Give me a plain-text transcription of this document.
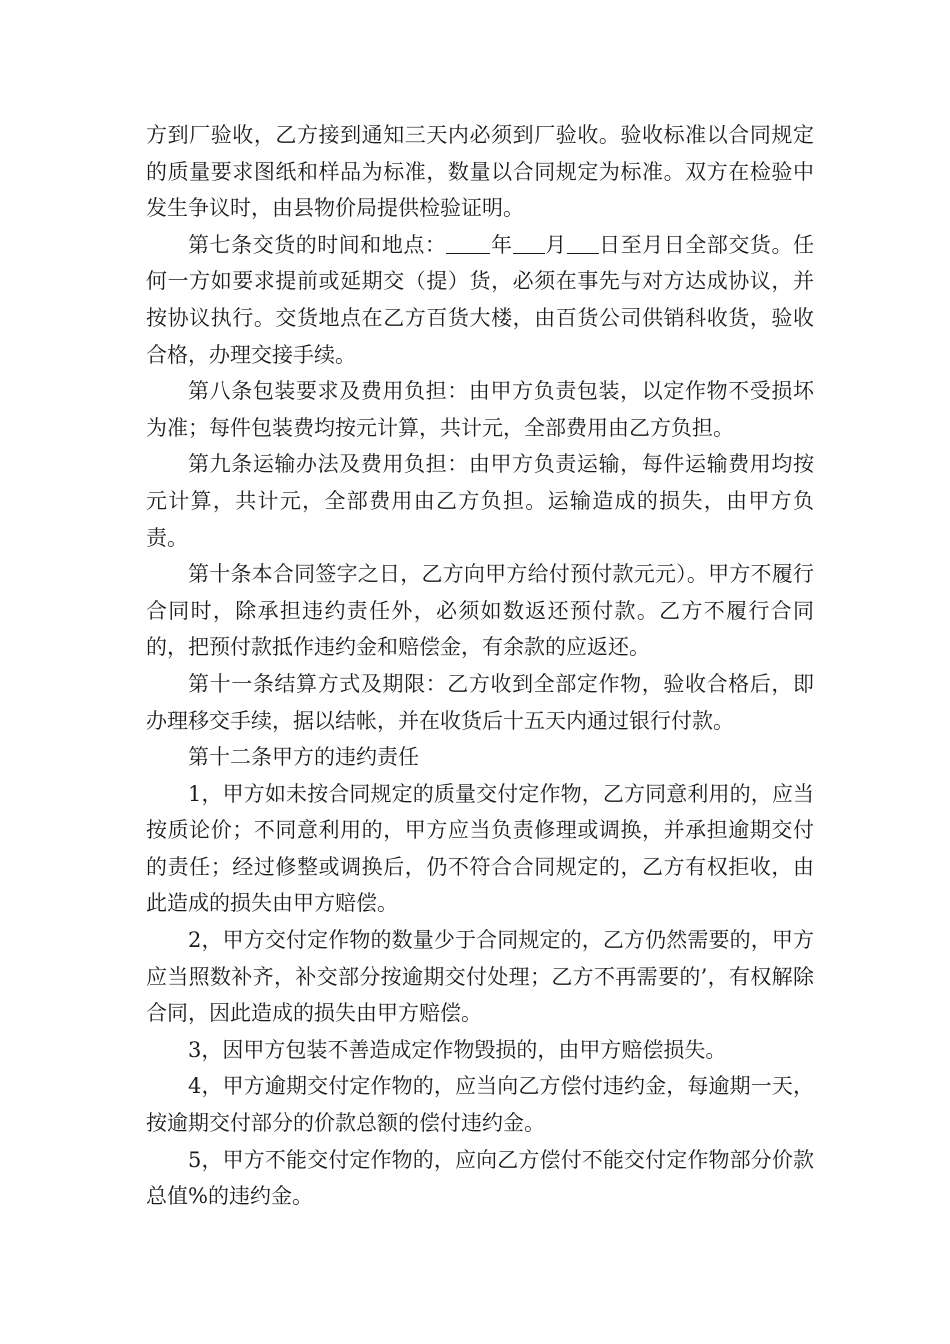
方到厂验收，乙方接到通知三天内必须到厂验收。验收标准以合同规定的质量要求图纸和样品为标准，数量以合同规定为标准。双方在检验中发生争议时，由县物价局提供检验证明。

第七条交货的时间和地点： 年 月 日至月日全部交货。任何一方如要求提前或延期交（提）货，必须在事先与对方达成协议，并按协议执行。交货地点在乙方百货大楼，由百货公司供销科收货，验收合格，办理交接手续。

第八条包装要求及费用负担：由甲方负责包装，以定作物不受损坏为准；每件包装费均按元计算，共计元，全部费用由乙方负担。

第九条运输办法及费用负担：由甲方负责运输，每件运输费用均按元计算，共计元，全部费用由乙方负担。运输造成的损失，由甲方负责。

第十条本合同签字之日，乙方向甲方给付预付款元元）。甲方不履行合同时，除承担违约责任外，必须如数返还预付款。乙方不履行合同的，把预付款抵作违约金和赔偿金，有余款的应返还。

第十一条结算方式及期限：乙方收到全部定作物，验收合格后，即办理移交手续，据以结帐，并在收货后十五天内通过银行付款。

第十二条甲方的违约责任

1，甲方如未按合同规定的质量交付定作物，乙方同意利用的，应当按质论价；不同意利用的，甲方应当负责修理或调换，并承担逾期交付的责任；经过修整或调换后，仍不符合合同规定的，乙方有权拒收，由此造成的损失由甲方赔偿。

2，甲方交付定作物的数量少于合同规定的，乙方仍然需要的，甲方应当照数补齐，补交部分按逾期交付处理；乙方不再需要的’，有权解除合同，因此造成的损失由甲方赔偿。

3，因甲方包装不善造成定作物毁损的，由甲方赔偿损失。

4，甲方逾期交付定作物的，应当向乙方偿付违约金，每逾期一天，按逾期交付部分的价款总额的偿付违约金。

5，甲方不能交付定作物的，应向乙方偿付不能交付定作物部分价款总值%的违约金。
